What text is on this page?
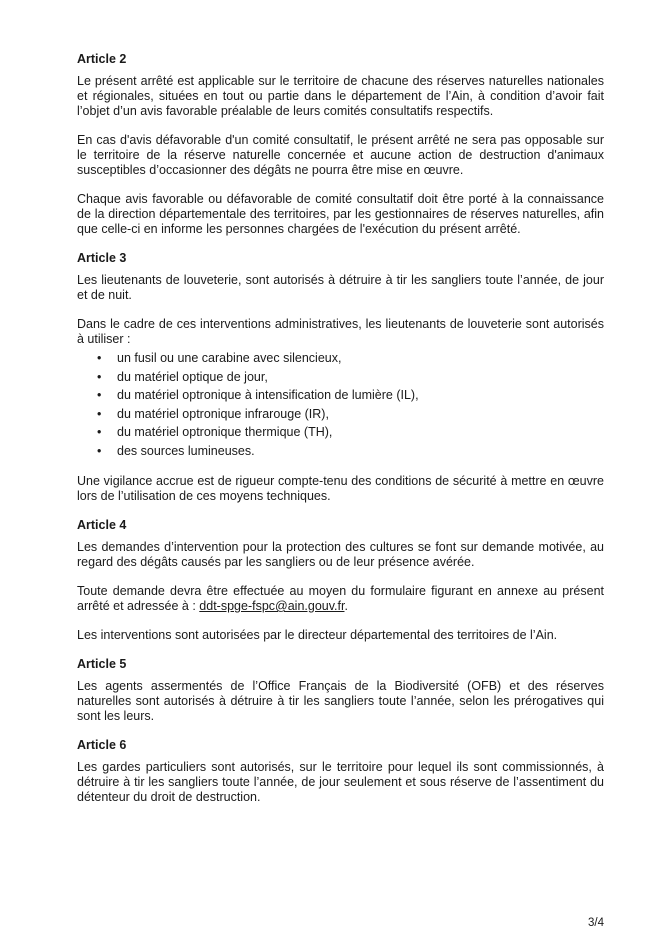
Article 2

Le présent arrêté est applicable sur le territoire de chacune des réserves naturelles nationales et régionales, situées en tout ou partie dans le département de l’Ain, à condition d’avoir fait l’objet d’un avis favorable préalable de leurs comités consultatifs respectifs.

En cas d'avis défavorable d'un comité consultatif, le présent arrêté ne sera pas opposable sur le territoire de la réserve naturelle concernée et aucune action de destruction d'animaux susceptibles d’occasionner des dégâts ne pourra être mise en œuvre.

Chaque avis favorable ou défavorable de comité consultatif doit être porté à la connaissance de la direction départementale des territoires, par les gestionnaires de réserves naturelles, afin que celle-ci en informe les personnes chargées de l'exécution du présent arrêté.

Article 3

Les lieutenants de louveterie, sont autorisés à détruire à tir les sangliers toute l’année, de jour et de nuit.

Dans le cadre de ces interventions administratives, les lieutenants de louveterie sont autorisés à utiliser :

• un fusil ou une carabine avec silencieux,
• du matériel optique de jour,
• du matériel optronique à intensification de lumière (IL),
• du matériel optronique infrarouge (IR),
• du matériel optronique thermique (TH),
• des sources lumineuses.

Une vigilance accrue est de rigueur compte-tenu des conditions de sécurité à mettre en œuvre lors de l’utilisation de ces moyens techniques.

Article 4

Les demandes d’intervention pour la protection des cultures se font sur demande motivée, au regard des dégâts causés par les sangliers ou de leur présence avérée.

Toute demande devra être effectuée au moyen du formulaire figurant en annexe au présent arrêté et adressée à : ddt-spge-fspc@ain.gouv.fr.

Les interventions sont autorisées par le directeur départemental des territoires de l’Ain.

Article 5

Les agents assermentés de l’Office Français de la Biodiversité (OFB) et des réserves naturelles sont autorisés à détruire à tir les sangliers toute l’année, selon les prérogatives qui sont les leurs.

Article 6

Les gardes particuliers sont autorisés, sur le territoire pour lequel ils sont commissionnés, à détruire à tir les sangliers toute l’année, de jour seulement et sous réserve de l’assentiment du détenteur du droit de destruction.

3/4
